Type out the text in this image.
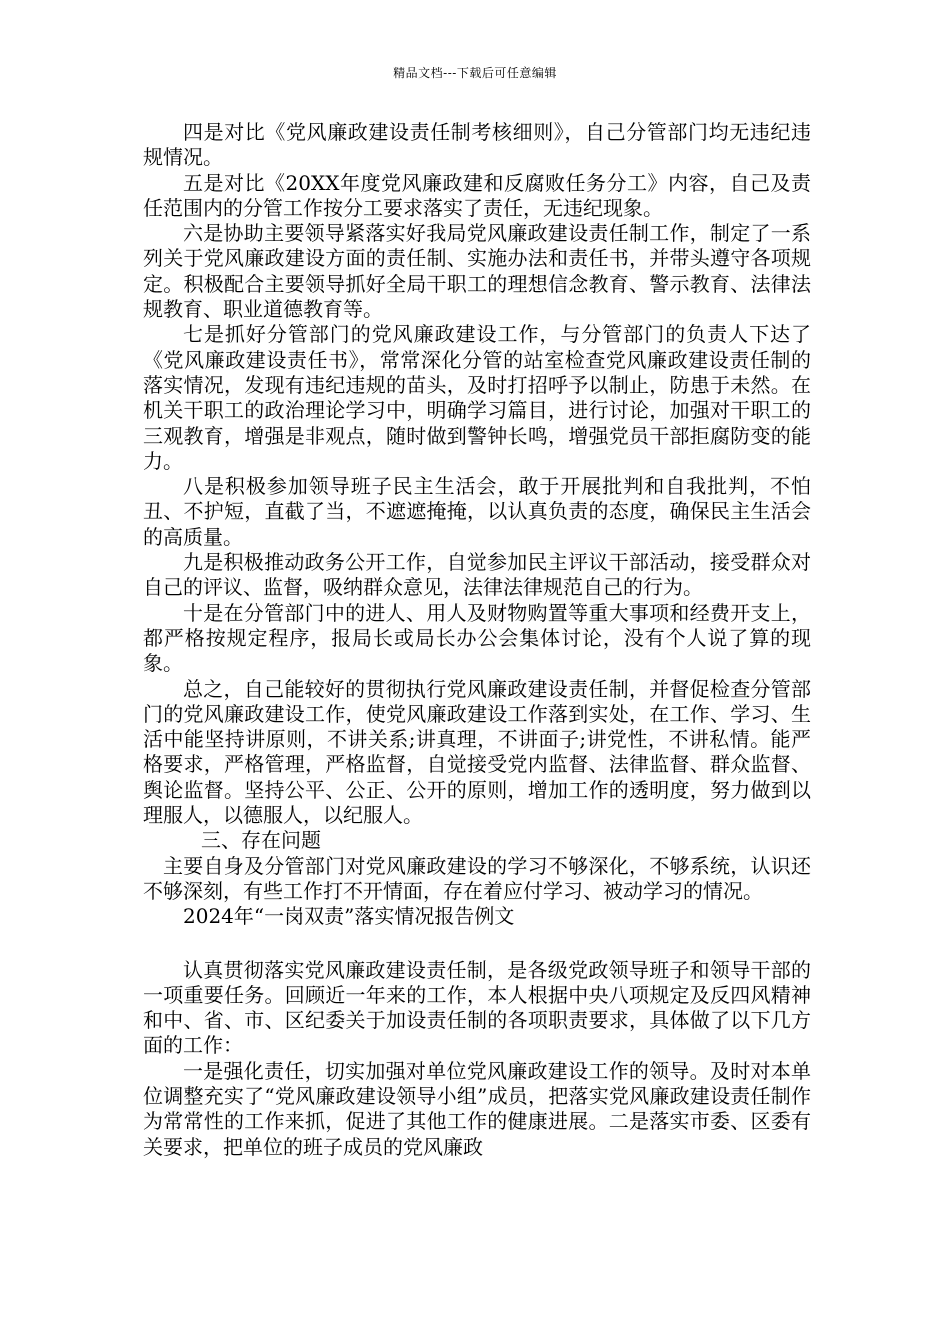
精品文档---下载后可任意编辑

四是对比《党风廉政建设责任制考核细则》，自己分管部门均无违纪违规情况。

五是对比《20XX年度党风廉政建和反腐败任务分工》内容，自己及责任范围内的分管工作按分工要求落实了责任，无违纪现象。

六是协助主要领导紧落实好我局党风廉政建设责任制工作，制定了一系列关于党风廉政建设方面的责任制、实施办法和责任书，并带头遵守各项规定。积极配合主要领导抓好全局干职工的理想信念教育、警示教育、法律法规教育、职业道德教育等。

七是抓好分管部门的党风廉政建设工作，与分管部门的负责人下达了《党风廉政建设责任书》，常常深化分管的站室检查党风廉政建设责任制的落实情况，发现有违纪违规的苗头，及时打招呼予以制止，防患于未然。在机关干职工的政治理论学习中，明确学习篇目，进行讨论，加强对干职工的三观教育，增强是非观点，随时做到警钟长鸣，增强党员干部拒腐防变的能力。

八是积极参加领导班子民主生活会，敢于开展批判和自我批判，不怕丑、不护短，直截了当，不遮遮掩掩，以认真负责的态度，确保民主生活会的高质量。

九是积极推动政务公开工作，自觉参加民主评议干部活动，接受群众对自己的评议、监督，吸纳群众意见，法律法律规范自己的行为。

十是在分管部门中的进人、用人及财物购置等重大事项和经费开支上，都严格按规定程序，报局长或局长办公会集体讨论，没有个人说了算的现象。

总之，自己能较好的贯彻执行党风廉政建设责任制，并督促检查分管部门的党风廉政建设工作，使党风廉政建设工作落到实处，在工作、学习、生活中能坚持讲原则，不讲关系;讲真理，不讲面子;讲党性，不讲私情。能严格要求，严格管理，严格监督，自觉接受党内监督、法律监督、群众监督、舆论监督。坚持公平、公正、公开的原则，增加工作的透明度，努力做到以理服人，以德服人，以纪服人。

三、存在问题

主要自身及分管部门对党风廉政建设的学习不够深化，不够系统，认识还不够深刻，有些工作打不开情面，存在着应付学习、被动学习的情况。

2024年“一岗双责”落实情况报告例文

认真贯彻落实党风廉政建设责任制，是各级党政领导班子和领导干部的一项重要任务。回顾近一年来的工作，本人根据中央八项规定及反四风精神和中、省、市、区纪委关于加设责任制的各项职责要求，具体做了以下几方面的工作：

一是强化责任，切实加强对单位党风廉政建设工作的领导。及时对本单位调整充实了“党风廉政建设领导小组”成员，把落实党风廉政建设责任制作为常常性的工作来抓，促进了其他工作的健康进展。二是落实市委、区委有关要求，把单位的班子成员的党风廉政
